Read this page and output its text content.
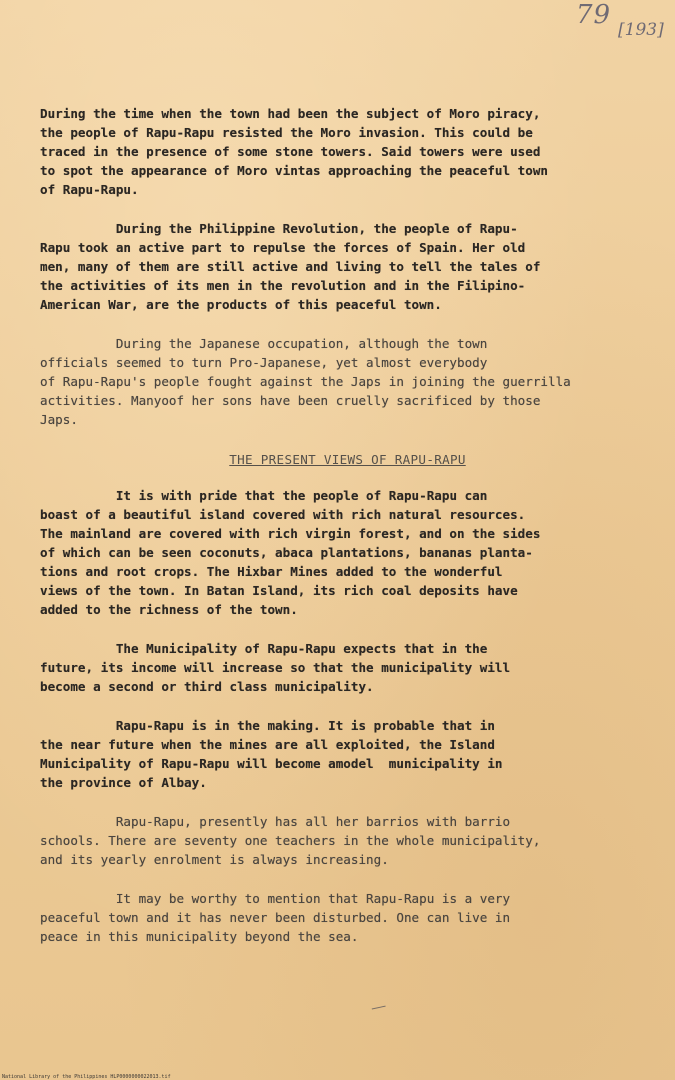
79 [193]

During the time when the town had been the subject of Moro piracy,
the people of Rapu-Rapu resisted the Moro invasion. This could be
traced in the presence of some stone towers. Said towers were used
to spot the appearance of Moro vintas approaching the peaceful town
of Rapu-Rapu.

During the Philippine Revolution, the people of Rapu-
Rapu took an active part to repulse the forces of Spain. Her old
men, many of them are still active and living to tell the tales of
the activities of its men in the revolution and in the Filipino-
American War, are the products of this peaceful town.

During the Japanese occupation, although the town
officials seemed to turn Pro-Japanese, yet almost everybody
of Rapu-Rapu's people fought against the Japs in joining the guerrilla
activities. Manyoof her sons have been cruelly sacrificed by those
Japs.

THE PRESENT VIEWS OF RAPU-RAPU

It is with pride that the people of Rapu-Rapu can
boast of a beautiful island covered with rich natural resources.
The mainland are covered with rich virgin forest, and on the sides
of which can be seen coconuts, abaca plantations, bananas planta-
tions and root crops. The Hixbar Mines added to the wonderful
views of the town. In Batan Island, its rich coal deposits have
added to the richness of the town.

The Municipality of Rapu-Rapu expects that in the
future, its income will increase so that the municipality will
become a second or third class municipality.

Rapu-Rapu is in the making. It is probable that in
the near future when the mines are all exploited, the Island
Municipality of Rapu-Rapu will become amodel  municipality in
the province of Albay.

Rapu-Rapu, presently has all her barrios with barrio
schools. There are seventy one teachers in the whole municipality,
and its yearly enrolment is always increasing.

It may be worthy to mention that Rapu-Rapu is a very
peaceful town and it has never been disturbed. One can live in
peace in this municipality beyond the sea.

National Library of the Philippines HLP0000000022013.tif
